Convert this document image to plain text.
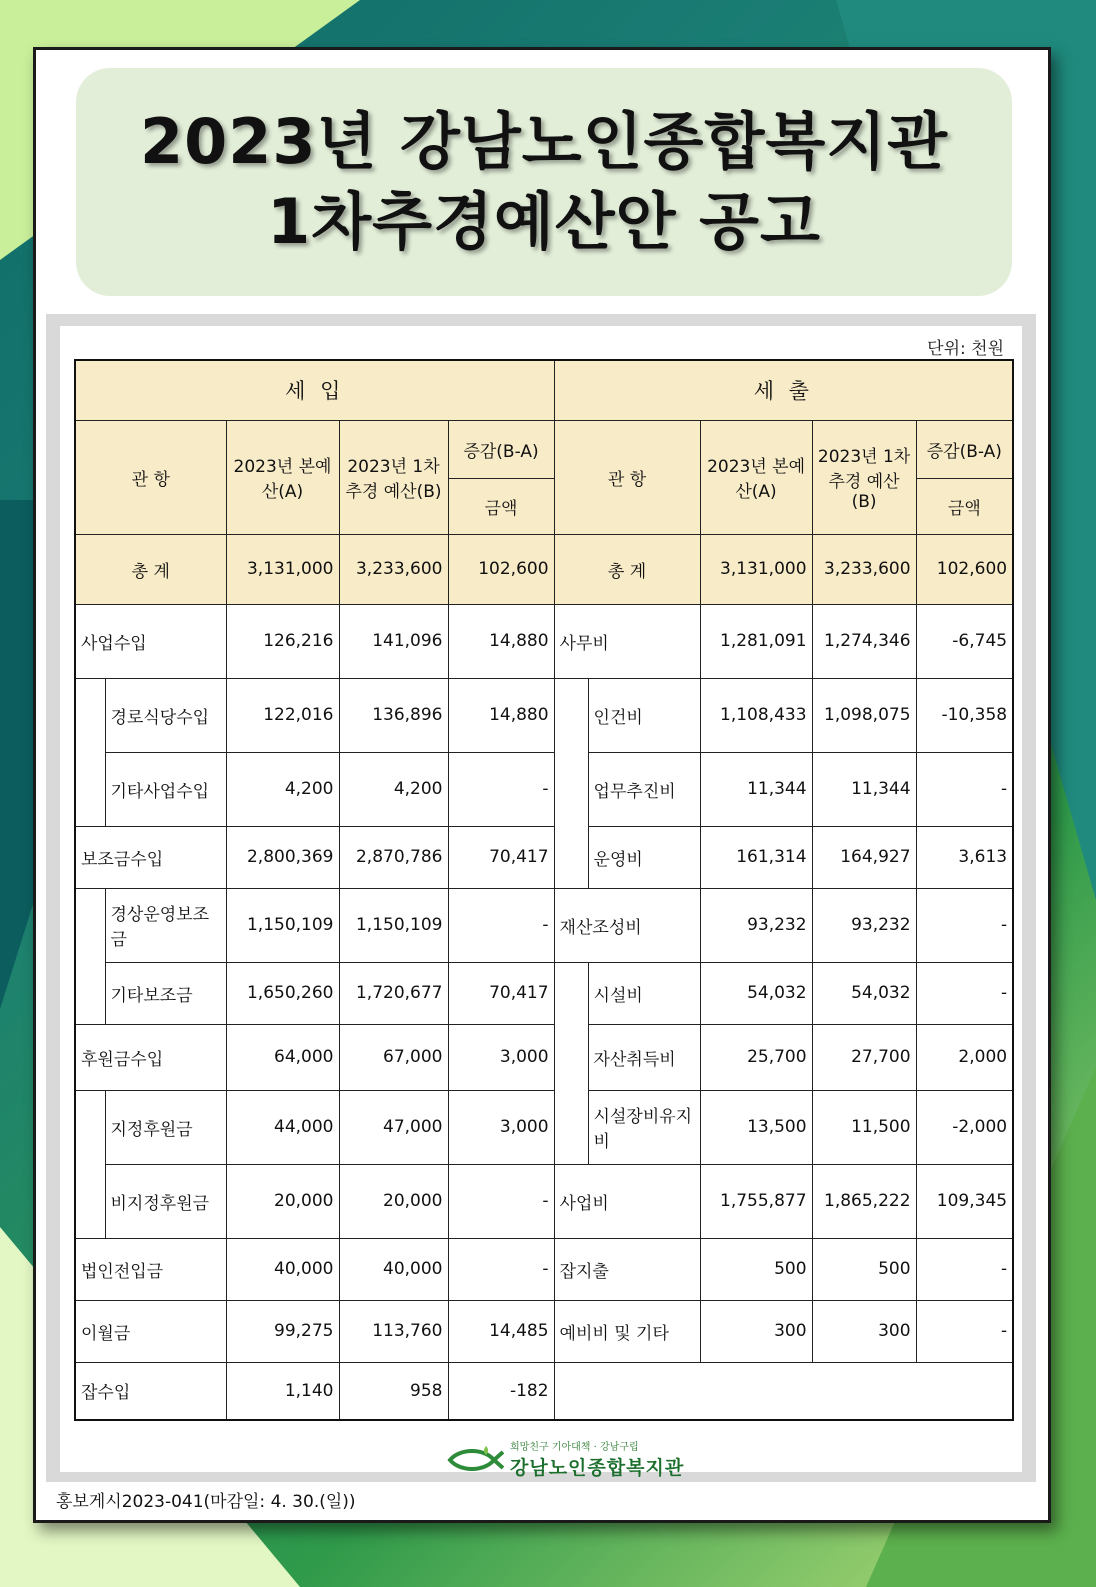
2023년 강남노인종합복지관
1차추경예산안 공고
단위: 천원
세 입					세 출				
관 항		2023년 본예산(A)	2023년 1차추경 예산(B)	증감(B-A)	관 항		2023년 본예산(A)	2023년 1차추경 예산(B)	증감(B-A)
				금액					금액
총 계		3,131,000	3,233,600	102,600	총 계		3,131,000	3,233,600	102,600
사업수입		126,216	141,096	14,880	사무비		1,281,091	1,274,346	-6,745
	경로식당수입	122,016	136,896	14,880		인건비	1,108,433	1,098,075	-10,358
	기타사업수입	4,200	4,200	-		업무추진비	11,344	11,344	-
보조금수입		2,800,369	2,870,786	70,417		운영비	161,314	164,927	3,613
	경상운영보조금	1,150,109	1,150,109	-	재산조성비		93,232	93,232	-
	기타보조금	1,650,260	1,720,677	70,417		시설비	54,032	54,032	-
후원금수입		64,000	67,000	3,000		자산취득비	25,700	27,700	2,000
	지정후원금	44,000	47,000	3,000		시설장비유지비	13,500	11,500	-2,000
	비지정후원금	20,000	20,000	-	사업비		1,755,877	1,865,222	109,345
법인전입금		40,000	40,000	-	잡지출		500	500	-
이월금		99,275	113,760	14,485	예비비 및 기타		300	300	-
잡수입		1,140	958	-182					
희망친구 기아대책 · 강남구립
강남노인종합복지관
홍보게시2023-041(마감일: 4. 30.(일))
